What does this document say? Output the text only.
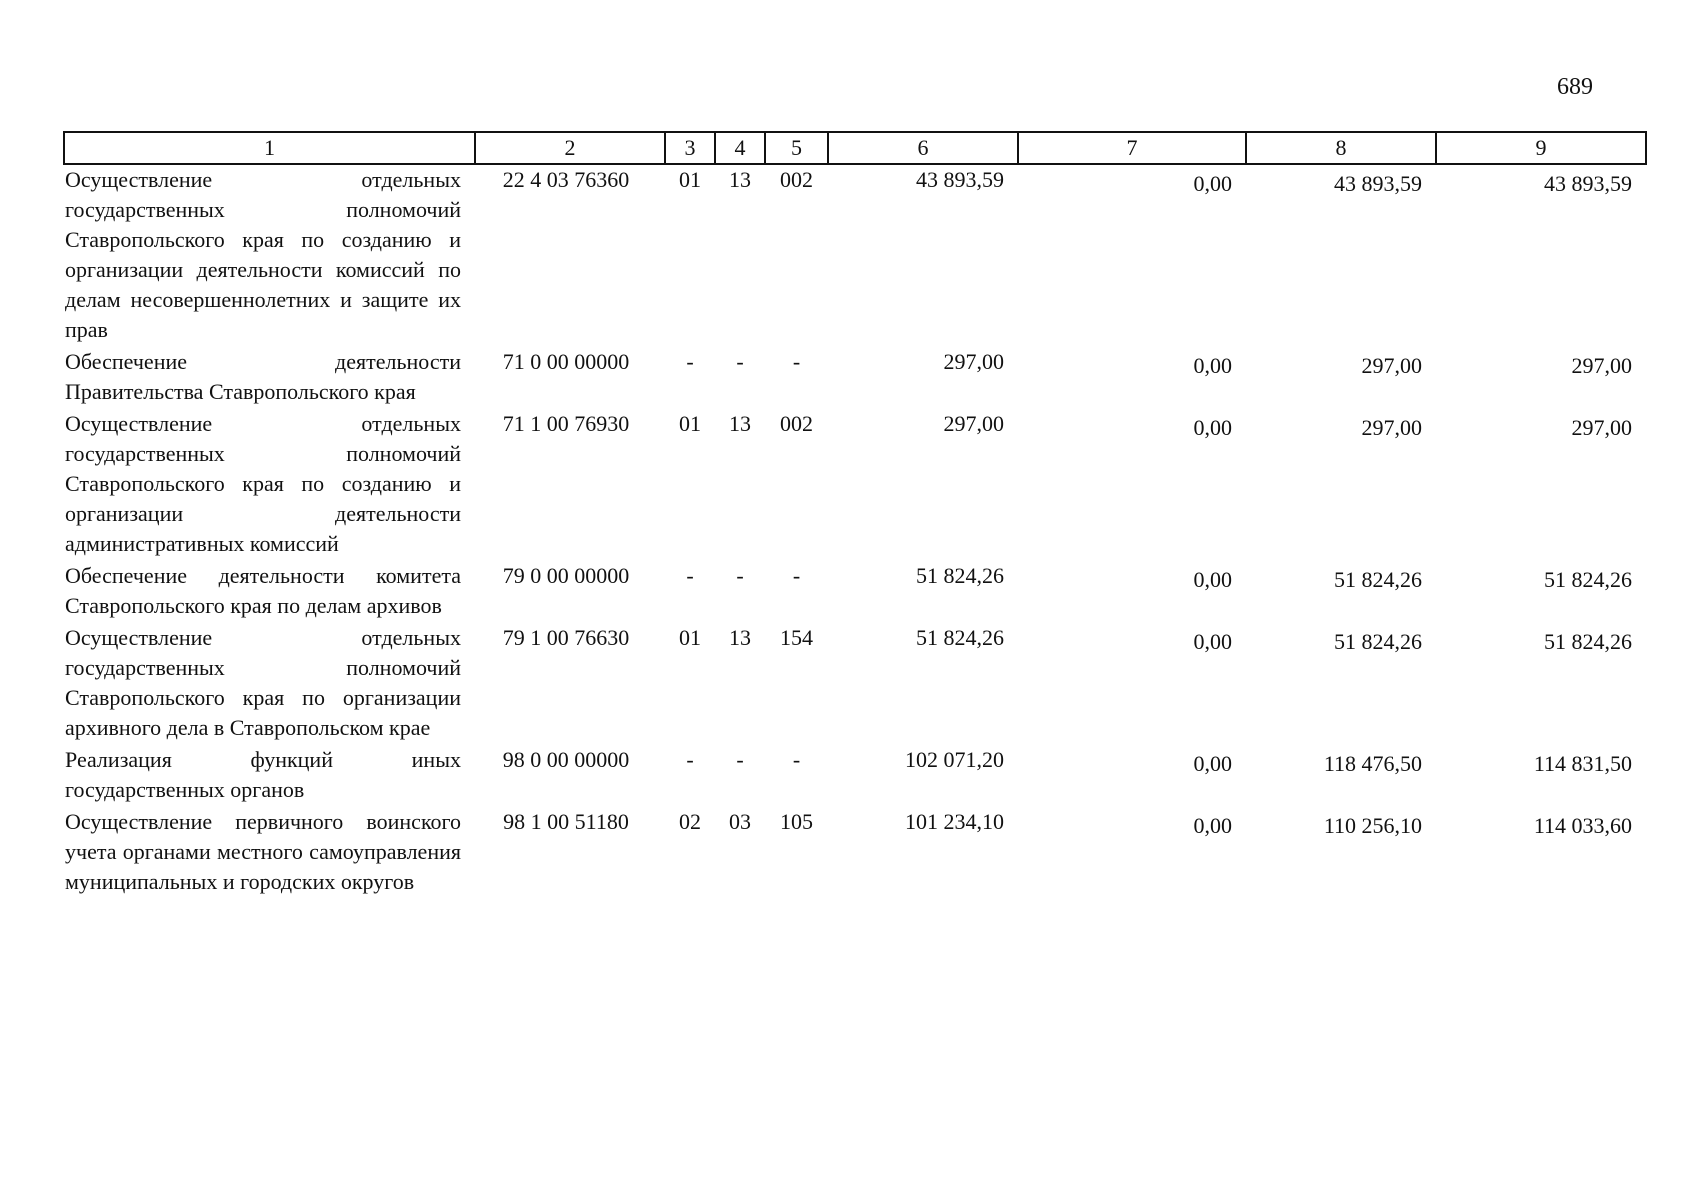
689
1	2	3	4	5	6	7	8	9
Осуществление отдельных государственных полномочий Ставропольского края по созданию и организации деятельности комиссий по делам несовершеннолетних и защите их прав	22 4 03 76360	01	13	002	43 893,59	0,00	43 893,59	43 893,59
Обеспечение деятельности Правительства Ставропольского края	71 0 00 00000	-	-	-	297,00	0,00	297,00	297,00
Осуществление отдельных государственных полномочий Ставропольского края по созданию и организации деятельности административных комиссий	71 1 00 76930	01	13	002	297,00	0,00	297,00	297,00
Обеспечение деятельности комитета Ставропольского края по делам архивов	79 0 00 00000	-	-	-	51 824,26	0,00	51 824,26	51 824,26
Осуществление отдельных государственных полномочий Ставропольского края по организации архивного дела в Ставропольском крае	79 1 00 76630	01	13	154	51 824,26	0,00	51 824,26	51 824,26
Реализация функций иных государственных органов	98 0 00 00000	-	-	-	102 071,20	0,00	118 476,50	114 831,50
Осуществление первичного воинского учета органами местного самоуправления муниципальных и городских округов	98 1 00 51180	02	03	105	101 234,10	0,00	110 256,10	114 033,60
